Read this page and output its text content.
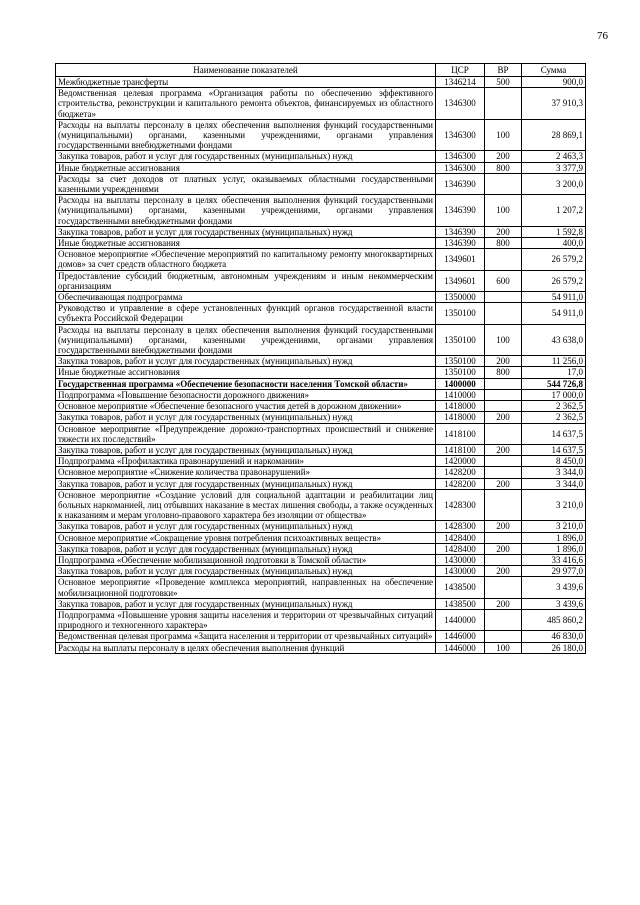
76
Наименование показателей	ЦСР	ВР	Сумма
Межбюджетные трансферты	1346214	500	900,0
Ведомственная целевая программа «Организация работы по обеспечению эффективного строительства, реконструкции и капитального ремонта объектов, финансируемых из областного бюджета»	1346300		37 910,3
Расходы на выплаты персоналу в целях обеспечения выполнения функций государственными (муниципальными) органами, казенными учреждениями, органами управления государственными внебюджетными фондами	1346300	100	28 869,1
Закупка товаров, работ и услуг для государственных (муниципальных) нужд	1346300	200	2 463,3
Иные бюджетные ассигнования	1346300	800	3 377,9
Расходы за счет доходов от платных услуг, оказываемых областными государственными казенными учреждениями	1346390		3 200,0
Расходы на выплаты персоналу в целях обеспечения выполнения функций государственными (муниципальными) органами, казенными учреждениями, органами управления государственными внебюджетными фондами	1346390	100	1 207,2
Закупка товаров, работ и услуг для государственных (муниципальных) нужд	1346390	200	1 592,8
Иные бюджетные ассигнования	1346390	800	400,0
Основное мероприятие «Обеспечение мероприятий по капитальному ремонту многоквартирных домов» за счет средств областного бюджета	1349601		26 579,2
Предоставление субсидий бюджетным, автономным учреждениям и иным некоммерческим организациям	1349601	600	26 579,2
Обеспечивающая подпрограмма	1350000		54 911,0
Руководство и управление в сфере установленных функций органов государственной власти субъекта Российской Федерации	1350100		54 911,0
Расходы на выплаты персоналу в целях обеспечения выполнения функций государственными (муниципальными) органами, казенными учреждениями, органами управления государственными внебюджетными фондами	1350100	100	43 638,0
Закупка товаров, работ и услуг для государственных (муниципальных) нужд	1350100	200	11 256,0
Иные бюджетные ассигнования	1350100	800	17,0
Государственная программа «Обеспечение безопасности населения Томской области»	1400000		544 726,8
Подпрограмма «Повышение безопасности дорожного движения»	1410000		17 000,0
Основное мероприятие «Обеспечение безопасного участия детей в дорожном движении»	1418000		2 362,5
Закупка товаров, работ и услуг для государственных (муниципальных) нужд	1418000	200	2 362,5
Основное мероприятие «Предупреждение дорожно-транспортных происшествий и снижение тяжести их последствий»	1418100		14 637,5
Закупка товаров, работ и услуг для государственных (муниципальных) нужд	1418100	200	14 637,5
Подпрограмма «Профилактика правонарушений и наркомании»	1420000		8 450,0
Основное мероприятие «Снижение количества правонарушений»	1428200		3 344,0
Закупка товаров, работ и услуг для государственных (муниципальных) нужд	1428200	200	3 344,0
Основное мероприятие «Создание условий для социальной адаптации и реабилитации лиц больных наркоманией, лиц отбывших наказание в местах лишения свободы, а также осужденных к наказаниям и мерам уголовно-правового характера без изоляции от общества»	1428300		3 210,0
Закупка товаров, работ и услуг для государственных (муниципальных) нужд	1428300	200	3 210,0
Основное мероприятие «Сокращение уровня потребления психоактивных веществ»	1428400		1 896,0
Закупка товаров, работ и услуг для государственных (муниципальных) нужд	1428400	200	1 896,0
Подпрограмма «Обеспечение мобилизационной подготовки в Томской области»	1430000		33 416,6
Закупка товаров, работ и услуг для государственных (муниципальных) нужд	1430000	200	29 977,0
Основное мероприятие «Проведение комплекса мероприятий, направленных на обеспечение мобилизационной подготовки»	1438500		3 439,6
Закупка товаров, работ и услуг для государственных (муниципальных) нужд	1438500	200	3 439,6
Подпрограмма «Повышение уровня защиты населения и территории от чрезвычайных ситуаций природного и техногенного характера»	1440000		485 860,2
Ведомственная целевая программа «Защита населения и территории от чрезвычайных ситуаций»	1446000		46 830,0
Расходы на выплаты персоналу в целях обеспечения выполнения функций	1446000	100	26 180,0
